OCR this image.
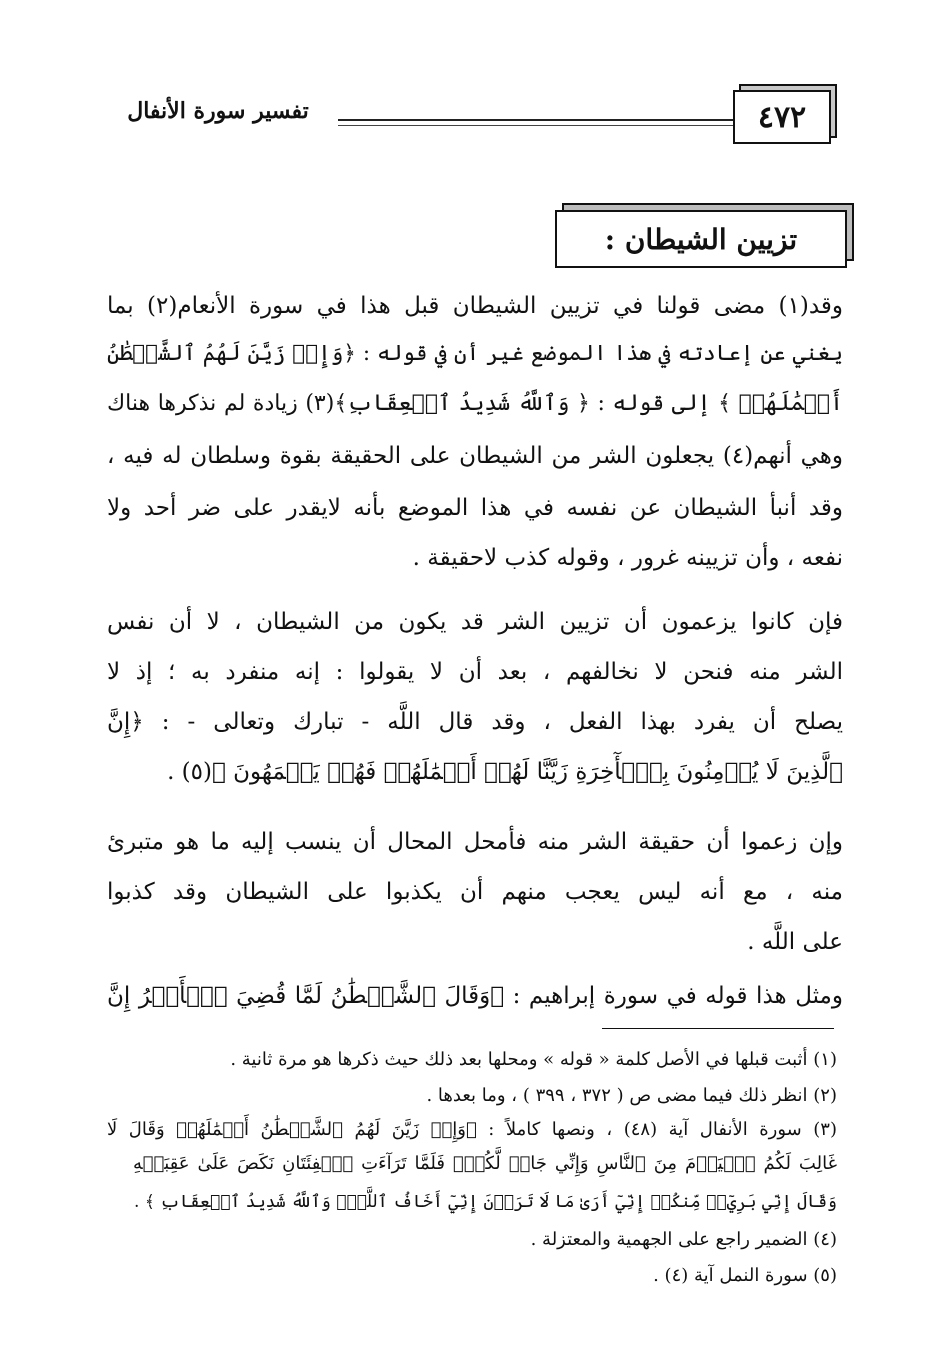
تفسير سورة الأنفال	٤٧٢
تزيين الشيطان :
وقد(١) مضى قولنا في تزيين الشيطان قبل هذا في سورة الأنعام(٢) بما
يغني عن إعادته في هذا الموضع غير أن في قوله : ﴿وَإِذۡ زَيَّنَ لَهُمُ ٱلشَّيۡطَٰنُ
أَعۡمَٰلَهُمۡ ﴾ إلى قوله : ﴿ وَٱللَّهُ شَدِيدُ ٱلۡعِقَابِ﴾(٣) زيادة لم نذكرها هناك
وهي أنهم(٤) يجعلون الشر من الشيطان على الحقيقة بقوة وسلطان له فيه ،
وقد أنبأ الشيطان عن نفسه في هذا الموضع بأنه لايقدر على ضر أحد ولا
نفعه ، وأن تزيينه غرور ، وقوله كذب لاحقيقة .
فإن كانوا يزعمون أن تزيين الشر قد يكون من الشيطان ، لا أن نفس
الشر منه فنحن لا نخالفهم ، بعد أن لا يقولوا : إنه منفرد به ؛ إذ لا
يصلح أن يفرد بهذا الفعل ، وقد قال اللَّه - تبارك وتعالى - : ﴿إِنَّ
ٱلَّذِينَ لَا يُؤۡمِنُونَ بِٱلۡأٓخِرَةِ زَيَّنَّا لَهُمۡ أَعۡمَٰلَهُمۡ فَهُمۡ يَعۡمَهُونَ ﴾(٥) .
وإن زعموا أن حقيقة الشر منه فأمحل المحال أن ينسب إليه ما هو متبرئ
منه ، مع أنه ليس يعجب منهم أن يكذبوا على الشيطان وقد كذبوا
على اللَّه .
ومثل هذا قوله في سورة إبراهيم : ﴿وَقَالَ ٱلشَّيۡطَٰنُ لَمَّا قُضِيَ ٱلۡأَمۡرُ إِنَّ
(١) أثبت قبلها في الأصل كلمة « قوله » ومحلها بعد ذلك حيث ذكرها هو مرة ثانية .
(٢) انظر ذلك فيما مضى ص ( ٣٧٢ ، ٣٩٩ ) ، وما بعدها .
(٣) سورة الأنفال آية (٤٨) ، ونصها كاملاً : ﴿وَإِذۡ زَيَّنَ لَهُمُ ٱلشَّيۡطَٰنُ أَعۡمَٰلَهُمۡ وَقَالَ لَا
غَالِبَ لَكُمُ ٱلۡيَوۡمَ مِنَ ٱلنَّاسِ وَإِنِّي جَارٞ لَّكُمۡۖ فَلَمَّا تَرَآءَتِ ٱلۡفِئَتَانِ نَكَصَ عَلَىٰ عَقِبَيۡهِ
وَقَالَ إِنِّي بَرِيٓءٞ مِّنكُمۡ إِنِّيٓ أَرَىٰ مَا لَا تَرَوۡنَ إِنِّيٓ أَخَافُ ٱللَّهَۚ وَٱللَّهُ شَدِيدُ ٱلۡعِقَابِ ﴾ .
(٤) الضمير راجع على الجهمية والمعتزلة .
(٥) سورة النمل آية (٤) .
